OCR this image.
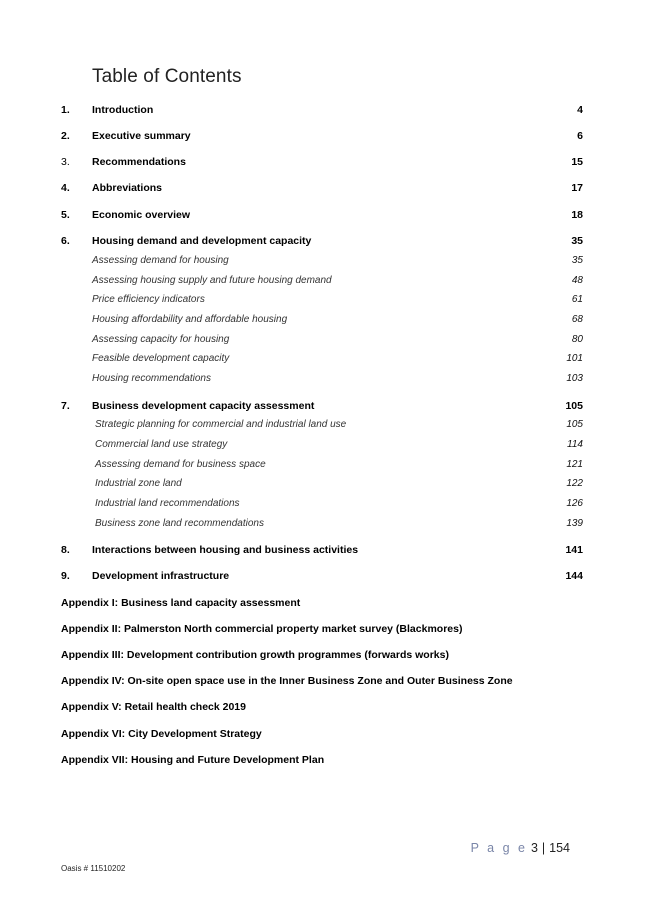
Table of Contents
1. Introduction	4
2. Executive summary	6
3. Recommendations	15
4. Abbreviations	17
5. Economic overview	18
6. Housing demand and development capacity	35
Assessing demand for housing	35
Assessing housing supply and future housing demand	48
Price efficiency indicators	61
Housing affordability and affordable housing	68
Assessing capacity for housing	80
Feasible development capacity	101
Housing recommendations	103
7. Business development capacity assessment	105
Strategic planning for commercial and industrial land use	105
Commercial land use strategy	114
Assessing demand for business space	121
Industrial zone land	122
Industrial land recommendations	126
Business zone land recommendations	139
8. Interactions between housing and business activities	141
9. Development infrastructure	144
Appendix I: Business land capacity assessment
Appendix II: Palmerston North commercial property market survey (Blackmores)
Appendix III: Development contribution growth programmes (forwards works)
Appendix IV: On-site open space use in the Inner Business Zone and Outer Business Zone
Appendix V: Retail health check 2019
Appendix VI: City Development Strategy
Appendix VII: Housing and Future Development Plan
P a g e 3 | 154
Oasis # 11510202
